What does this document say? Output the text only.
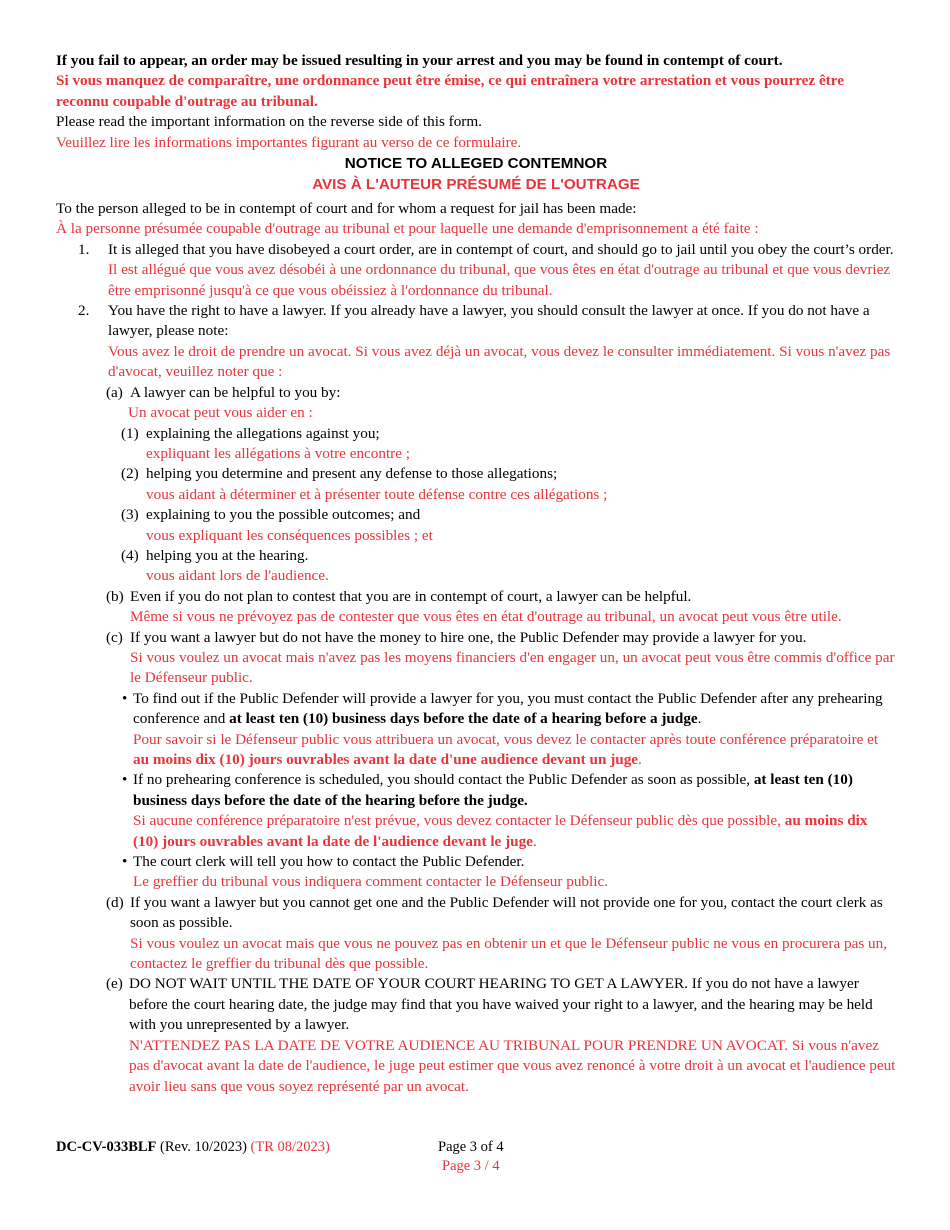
If you fail to appear, an order may be issued resulting in your arrest and you may be found in contempt of court.

Si vous manquez de comparaître, une ordonnance peut être émise, ce qui entraînera votre arrestation et vous pourrez être reconnu coupable d'outrage au tribunal.

Please read the important information on the reverse side of this form.

Veuillez lire les informations importantes figurant au verso de ce formulaire.

NOTICE TO ALLEGED CONTEMNOR
AVIS À L'AUTEUR PRÉSUMÉ DE L'OUTRAGE

To the person alleged to be in contempt of court and for whom a request for jail has been made:

À la personne présumée coupable d'outrage au tribunal et pour laquelle une demande d'emprisonnement a été faite :

1. It is alleged that you have disobeyed a court order, are in contempt of court, and should go to jail until you obey the court’s order.

Il est allégué que vous avez désobéi à une ordonnance du tribunal, que vous êtes en état d'outrage au tribunal et que vous devriez être emprisonné jusqu'à ce que vous obéissiez à l'ordonnance du tribunal.

2. You have the right to have a lawyer. If you already have a lawyer, you should consult the lawyer at once. If you do not have a lawyer, please note:

Vous avez le droit de prendre un avocat. Si vous avez déjà un avocat, vous devez le consulter immédiatement. Si vous n'avez pas d'avocat, veuillez noter que :

(a) A lawyer can be helpful to you by:

Un avocat peut vous aider en :

(1) explaining the allegations against you;

expliquant les allégations à votre encontre ;

(2) helping you determine and present any defense to those allegations;

vous aidant à déterminer et à présenter toute défense contre ces allégations ;

(3) explaining to you the possible outcomes; and

vous expliquant les conséquences possibles ; et

(4) helping you at the hearing.

vous aidant lors de l'audience.

(b) Even if you do not plan to contest that you are in contempt of court, a lawyer can be helpful.

Même si vous ne prévoyez pas de contester que vous êtes en état d'outrage au tribunal, un avocat peut vous être utile.

(c) If you want a lawyer but do not have the money to hire one, the Public Defender may provide a lawyer for you.

Si vous voulez un avocat mais n'avez pas les moyens financiers d'en engager un, un avocat peut vous être commis d'office par le Défenseur public.

• To find out if the Public Defender will provide a lawyer for you, you must contact the Public Defender after any prehearing conference and at least ten (10) business days before the date of a hearing before a judge.

Pour savoir si le Défenseur public vous attribuera un avocat, vous devez le contacter après toute conférence préparatoire et au moins dix (10) jours ouvrables avant la date d'une audience devant un juge.

• If no prehearing conference is scheduled, you should contact the Public Defender as soon as possible, at least ten (10) business days before the date of the hearing before the judge.

Si aucune conférence préparatoire n'est prévue, vous devez contacter le Défenseur public dès que possible, au moins dix (10) jours ouvrables avant la date de l'audience devant le juge.

• The court clerk will tell you how to contact the Public Defender.

Le greffier du tribunal vous indiquera comment contacter le Défenseur public.

(d) If you want a lawyer but you cannot get one and the Public Defender will not provide one for you, contact the court clerk as soon as possible.

Si vous voulez un avocat mais que vous ne pouvez pas en obtenir un et que le Défenseur public ne vous en procurera pas un, contactez le greffier du tribunal dès que possible.

(e) DO NOT WAIT UNTIL THE DATE OF YOUR COURT HEARING TO GET A LAWYER. If you do not have a lawyer before the court hearing date, the judge may find that you have waived your right to a lawyer, and the hearing may be held with you unrepresented by a lawyer.

N'ATTENDEZ PAS LA DATE DE VOTRE AUDIENCE AU TRIBUNAL POUR PRENDRE UN AVOCAT. Si vous n'avez pas d'avocat avant la date de l'audience, le juge peut estimer que vous avez renoncé à votre droit à un avocat et l'audience peut avoir lieu sans que vous soyez représenté par un avocat.

DC-CV-033BLF (Rev. 10/2023) (TR 08/2023)	Page 3 of 4
Page 3 / 4
